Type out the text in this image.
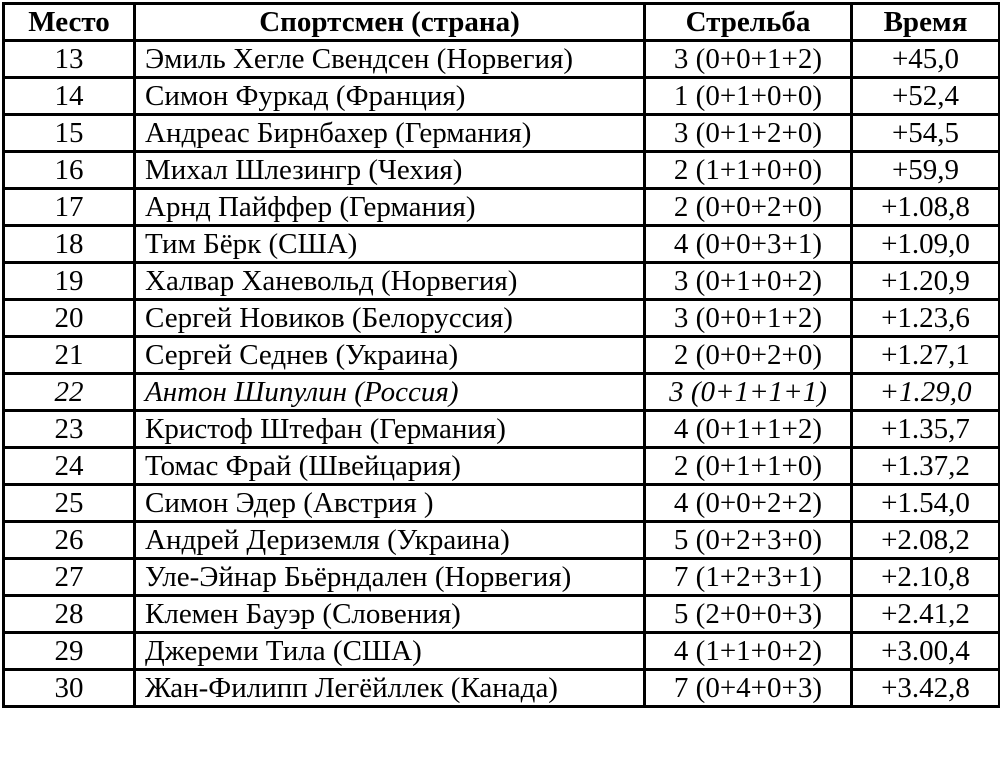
Место	Спортсмен (страна)	Стрельба	Время
13	Эмиль Хегле Свендсен (Норвегия)	3 (0+0+1+2)	+45,0
14	Симон Фуркад (Франция)	1 (0+1+0+0)	+52,4
15	Андреас Бирнбахер (Германия)	3 (0+1+2+0)	+54,5
16	Михал Шлезингр (Чехия)	2 (1+1+0+0)	+59,9
17	Арнд Пайффер (Германия)	2 (0+0+2+0)	+1.08,8
18	Тим Бёрк (США)	4 (0+0+3+1)	+1.09,0
19	Халвар Ханевольд (Норвегия)	3 (0+1+0+2)	+1.20,9
20	Сергей Новиков (Белоруссия)	3 (0+0+1+2)	+1.23,6
21	Сергей Седнев (Украина)	2 (0+0+2+0)	+1.27,1
22	Антон Шипулин (Россия)	3 (0+1+1+1)	+1.29,0
23	Кристоф Штефан (Германия)	4 (0+1+1+2)	+1.35,7
24	Томас Фрай (Швейцария)	2 (0+1+1+0)	+1.37,2
25	Симон Эдер (Австрия )	4 (0+0+2+2)	+1.54,0
26	Андрей Дериземля (Украина)	5 (0+2+3+0)	+2.08,2
27	Уле-Эйнар Бьёрндален (Норвегия)	7 (1+2+3+1)	+2.10,8
28	Клемен Бауэр (Словения)	5 (2+0+0+3)	+2.41,2
29	Джереми Тила (США)	4 (1+1+0+2)	+3.00,4
30	Жан-Филипп Легёйллек (Канада)	7 (0+4+0+3)	+3.42,8
